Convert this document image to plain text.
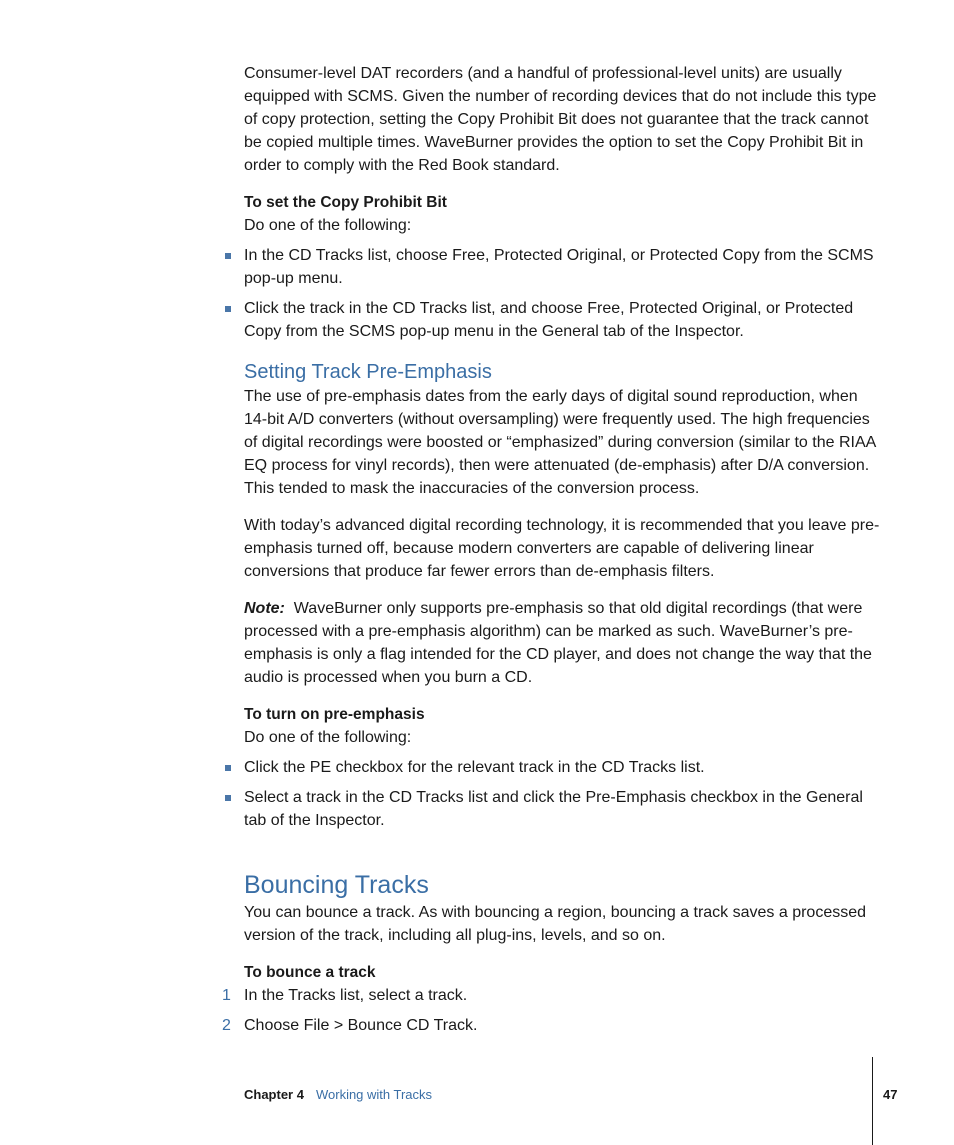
Consumer-level DAT recorders (and a handful of professional-level units) are usually equipped with SCMS. Given the number of recording devices that do not include this type of copy protection, setting the Copy Prohibit Bit does not guarantee that the track cannot be copied multiple times. WaveBurner provides the option to set the Copy Prohibit Bit in order to comply with the Red Book standard.

To set the Copy Prohibit Bit

Do one of the following:

In the CD Tracks list, choose Free, Protected Original, or Protected Copy from the SCMS pop-up menu.
Click the track in the CD Tracks list, and choose Free, Protected Original, or Protected Copy from the SCMS pop-up menu in the General tab of the Inspector.
Setting Track Pre-Emphasis

The use of pre-emphasis dates from the early days of digital sound reproduction, when 14-bit A/D converters (without oversampling) were frequently used. The high frequencies of digital recordings were boosted or “emphasized” during conversion (similar to the RIAA EQ process for vinyl records), then were attenuated (de-emphasis) after D/A conversion. This tended to mask the inaccuracies of the conversion process.

With today’s advanced digital recording technology, it is recommended that you leave pre-emphasis turned off, because modern converters are capable of delivering linear conversions that produce far fewer errors than de-emphasis filters.

Note: WaveBurner only supports pre-emphasis so that old digital recordings (that were processed with a pre-emphasis algorithm) can be marked as such. WaveBurner’s pre-emphasis is only a flag intended for the CD player, and does not change the way that the audio is processed when you burn a CD.

To turn on pre-emphasis

Do one of the following:

Click the PE checkbox for the relevant track in the CD Tracks list.
Select a track in the CD Tracks list and click the Pre-Emphasis checkbox in the General tab of the Inspector.
Bouncing Tracks

You can bounce a track. As with bouncing a region, bouncing a track saves a processed version of the track, including all plug-ins, levels, and so on.

To bounce a track

1 In the Tracks list, select a track.
2 Choose File > Bounce CD Track.
Chapter 4 Working with Tracks	47
